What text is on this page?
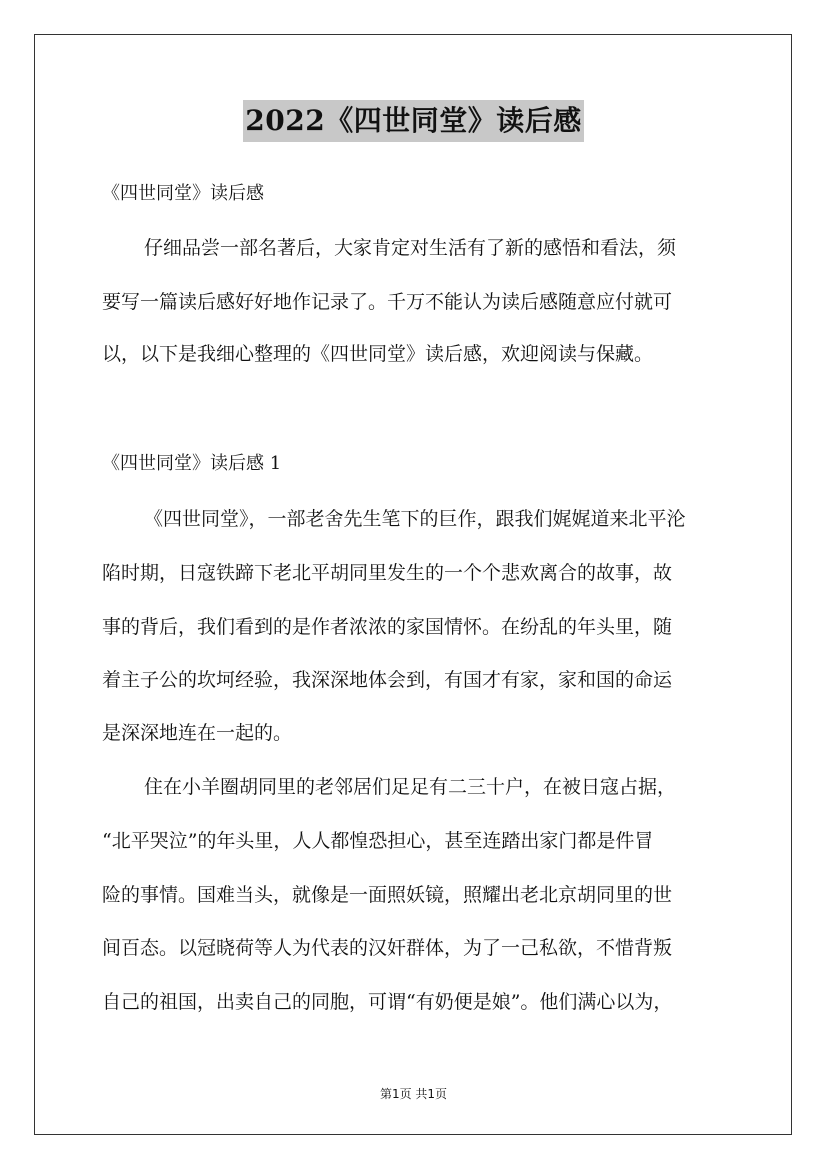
2022《四世同堂》读后感
《四世同堂》读后感
仔细品尝一部名著后，大家肯定对生活有了新的感悟和看法，须
要写一篇读后感好好地作记录了。千万不能认为读后感随意应付就可
以，以下是我细心整理的《四世同堂》读后感，欢迎阅读与保藏。
《四世同堂》读后感 1
《四世同堂》，一部老舍先生笔下的巨作，跟我们娓娓道来北平沦
陷时期，日寇铁蹄下老北平胡同里发生的一个个悲欢离合的故事，故
事的背后，我们看到的是作者浓浓的家国情怀。在纷乱的年头里，随
着主子公的坎坷经验，我深深地体会到，有国才有家，家和国的命运
是深深地连在一起的。
住在小羊圈胡同里的老邻居们足足有二三十户，在被日寇占据，
“北平哭泣”的年头里，人人都惶恐担心，甚至连踏出家门都是件冒
险的事情。国难当头，就像是一面照妖镜，照耀出老北京胡同里的世
间百态。以冠晓荷等人为代表的汉奸群体，为了一己私欲，不惜背叛
自己的祖国，出卖自己的同胞，可谓“有奶便是娘”。他们满心以为，
第1页 共1页
